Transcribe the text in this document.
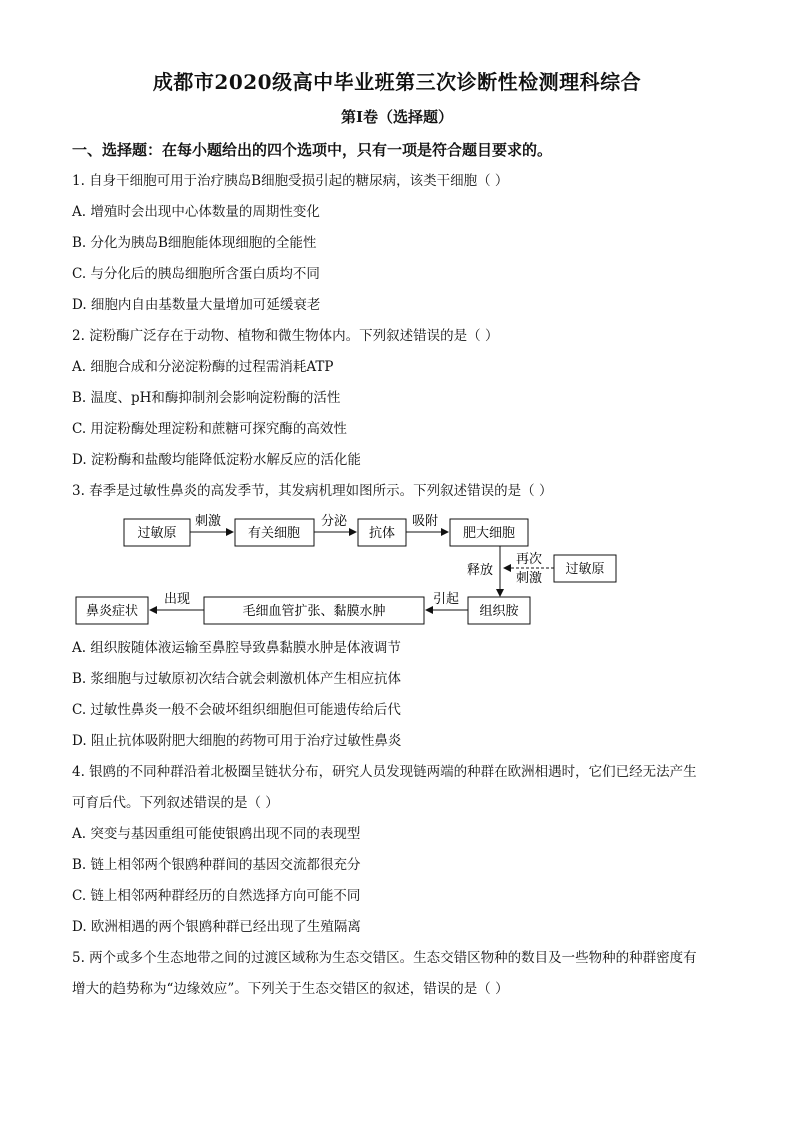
成都市2020级高中毕业班第三次诊断性检测理科综合
第Ⅰ卷（选择题）
一、选择题：在每小题给出的四个选项中，只有一项是符合题目要求的。
1. 自身干细胞可用于治疗胰岛B细胞受损引起的糖尿病，该类干细胞（ ）
A. 增殖时会出现中心体数量的周期性变化
B. 分化为胰岛B细胞能体现细胞的全能性
C. 与分化后的胰岛细胞所含蛋白质均不同
D. 细胞内自由基数量大量增加可延缓衰老
2. 淀粉酶广泛存在于动物、植物和微生物体内。下列叙述错误的是（ ）
A. 细胞合成和分泌淀粉酶的过程需消耗ATP
B. 温度、pH和酶抑制剂会影响淀粉酶的活性
C. 用淀粉酶处理淀粉和蔗糖可探究酶的高效性
D. 淀粉酶和盐酸均能降低淀粉水解反应的活化能
3. 春季是过敏性鼻炎的高发季节，其发病机理如图所示。下列叙述错误的是（ ）
过敏原	有关细胞	抗体	肥大细胞
刺激	分泌	吸附
释放	过敏原
再次
刺激
组织胺
毛细血管扩张、黏膜水肿
鼻炎症状
引起
出现
A. 组织胺随体液运输至鼻腔导致鼻黏膜水肿是体液调节
B. 浆细胞与过敏原初次结合就会刺激机体产生相应抗体
C. 过敏性鼻炎一般不会破坏组织细胞但可能遗传给后代
D. 阻止抗体吸附肥大细胞的药物可用于治疗过敏性鼻炎
4. 银鸥的不同种群沿着北极圈呈链状分布，研究人员发现链两端的种群在欧洲相遇时，它们已经无法产生
可育后代。下列叙述错误的是（ ）
A. 突变与基因重组可能使银鸥出现不同的表现型
B. 链上相邻两个银鸥种群间的基因交流都很充分
C. 链上相邻两种群经历的自然选择方向可能不同
D. 欧洲相遇的两个银鸥种群已经出现了生殖隔离
5. 两个或多个生态地带之间的过渡区域称为生态交错区。生态交错区物种的数目及一些物种的种群密度有
增大的趋势称为“边缘效应”。下列关于生态交错区的叙述，错误的是（ ）
